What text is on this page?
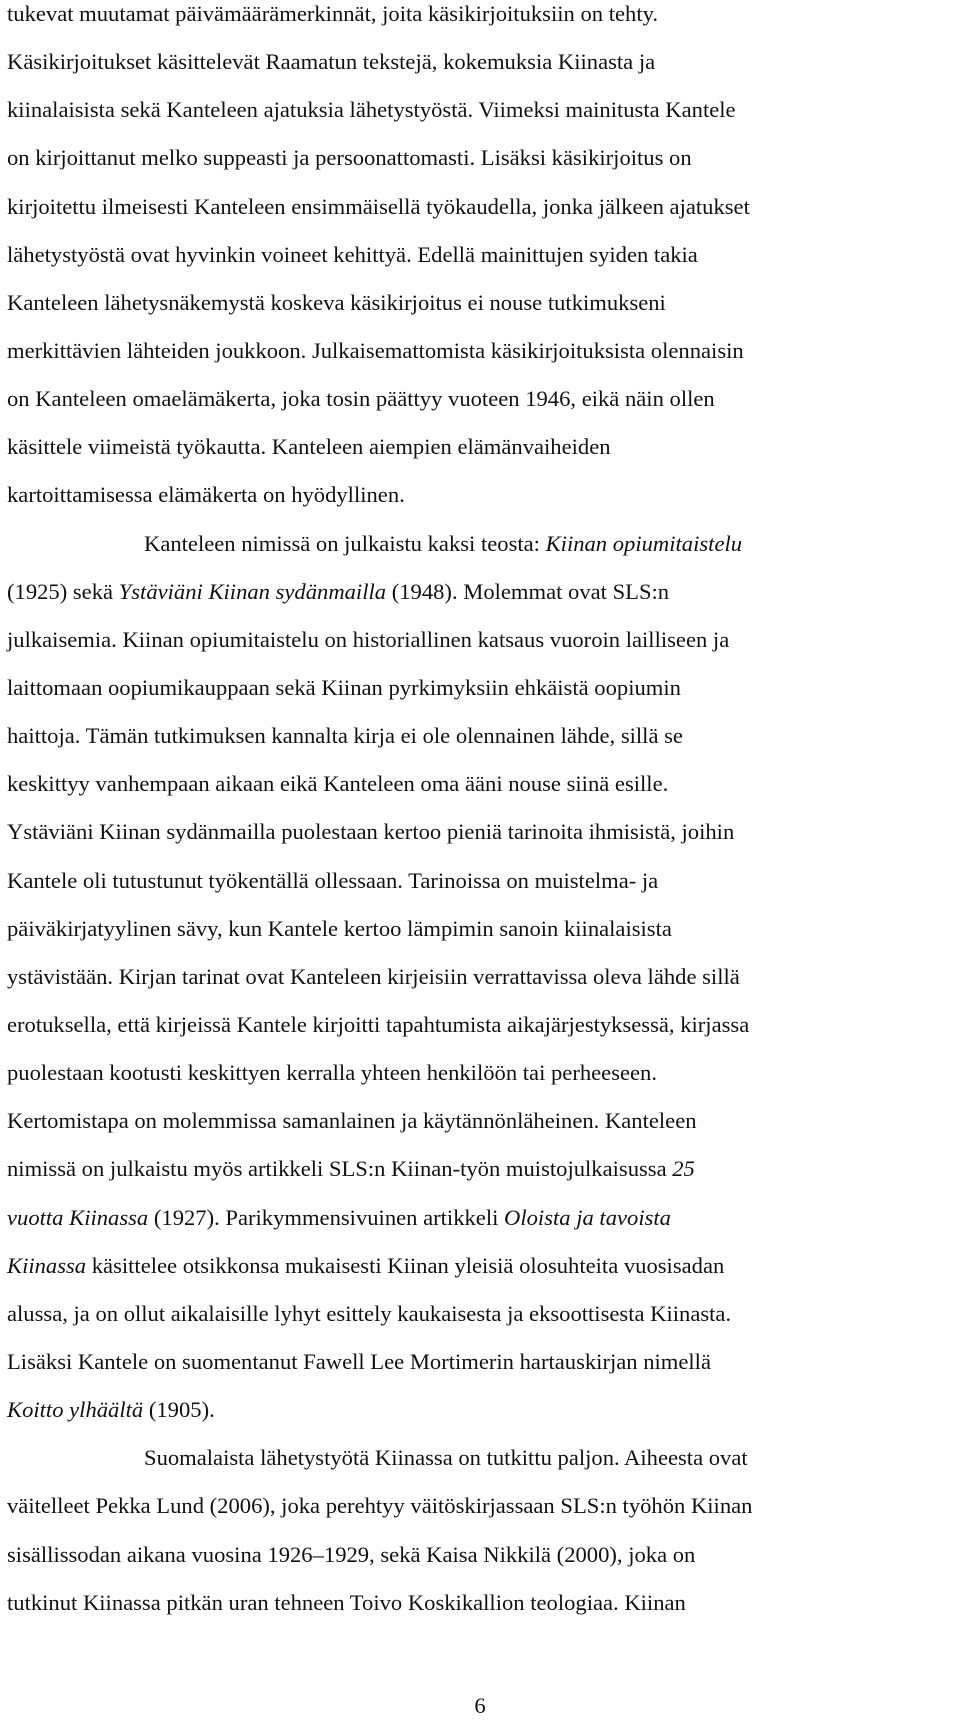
tukevat muutamat päivämäärämerkinnät, joita käsikirjoituksiin on tehty.
Käsikirjoitukset käsittelevät Raamatun tekstejä, kokemuksia Kiinasta ja
kiinalaisista sekä Kanteleen ajatuksia lähetystyöstä. Viimeksi mainitusta Kantele
on kirjoittanut melko suppeasti ja persoonattomasti. Lisäksi käsikirjoitus on
kirjoitettu ilmeisesti Kanteleen ensimmäisellä työkaudella, jonka jälkeen ajatukset
lähetystyöstä ovat hyvinkin voineet kehittyä. Edellä mainittujen syiden takia
Kanteleen lähetysnäkemystä koskeva käsikirjoitus ei nouse tutkimukseni
merkittävien lähteiden joukkoon. Julkaisemattomista käsikirjoituksista olennaisin
on Kanteleen omaelämäkerta, joka tosin päättyy vuoteen 1946, eikä näin ollen
käsittele viimeistä työkautta. Kanteleen aiempien elämänvaiheiden
kartoittamisessa elämäkerta on hyödyllinen.
Kanteleen nimissä on julkaistu kaksi teosta: Kiinan opiumitaistelu
(1925) sekä Ystäviäni Kiinan sydänmailla (1948). Molemmat ovat SLS:n
julkaisemia. Kiinan opiumitaistelu on historiallinen katsaus vuoroin lailliseen ja
laittomaan oopiumikauppaan sekä Kiinan pyrkimyksiin ehkäistä oopiumin
haittoja. Tämän tutkimuksen kannalta kirja ei ole olennainen lähde, sillä se
keskittyy vanhempaan aikaan eikä Kanteleen oma ääni nouse siinä esille.
Ystäviäni Kiinan sydänmailla puolestaan kertoo pieniä tarinoita ihmisistä, joihin
Kantele oli tutustunut työkentällä ollessaan. Tarinoissa on muistelma- ja
päiväkirjatyylinen sävy, kun Kantele kertoo lämpimin sanoin kiinalaisista
ystävistään. Kirjan tarinat ovat Kanteleen kirjeisiin verrattavissa oleva lähde sillä
erotuksella, että kirjeissä Kantele kirjoitti tapahtumista aikajärjestyksessä, kirjassa
puolestaan kootusti keskittyen kerralla yhteen henkilöön tai perheeseen.
Kertomistapa on molemmissa samanlainen ja käytännönläheinen. Kanteleen
nimissä on julkaistu myös artikkeli SLS:n Kiinan-työn muistojulkaisussa 25
vuotta Kiinassa (1927). Parikymmensivuinen artikkeli Oloista ja tavoista
Kiinassa käsittelee otsikkonsa mukaisesti Kiinan yleisiä olosuhteita vuosisadan
alussa, ja on ollut aikalaisille lyhyt esittely kaukaisesta ja eksoottisesta Kiinasta.
Lisäksi Kantele on suomentanut Fawell Lee Mortimerin hartauskirjan nimellä
Koitto ylhäältä (1905).
Suomalaista lähetystyötä Kiinassa on tutkittu paljon. Aiheesta ovat
väitelleet Pekka Lund (2006), joka perehtyy väitöskirjassaan SLS:n työhön Kiinan
sisällissodan aikana vuosina 1926–1929, sekä Kaisa Nikkilä (2000), joka on
tutkinut Kiinassa pitkän uran tehneen Toivo Koskikallion teologiaa. Kiinan
6
